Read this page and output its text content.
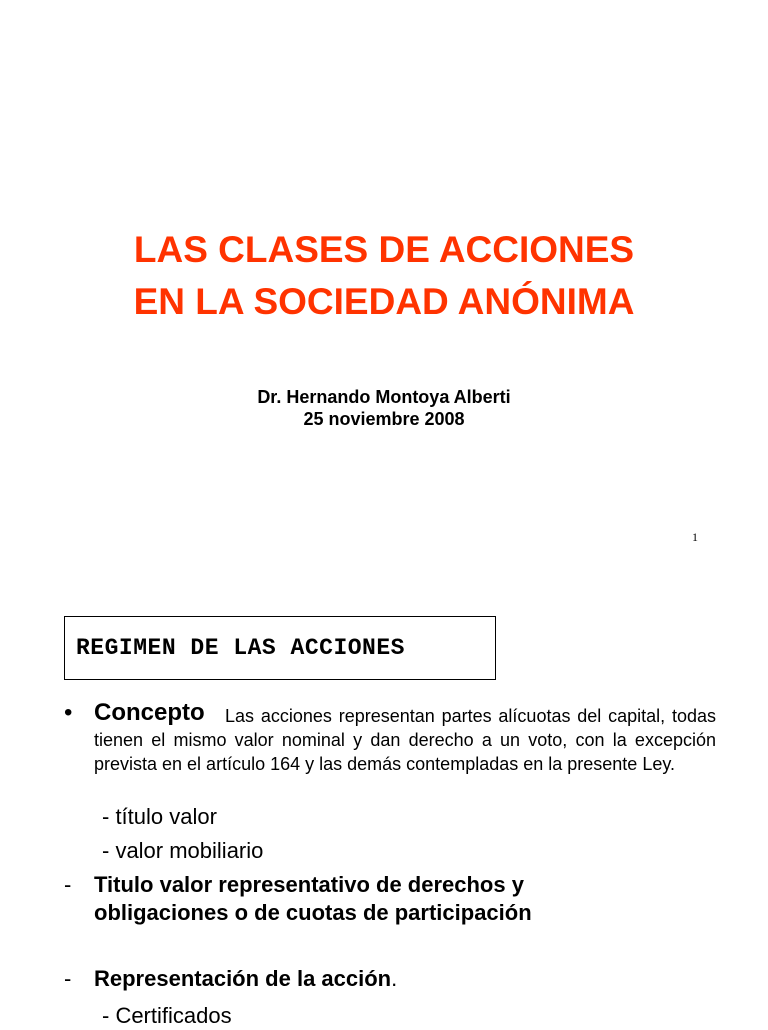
LAS CLASES DE ACCIONES
EN LA SOCIEDAD ANÓNIMA
Dr. Hernando Montoya Alberti
25 noviembre 2008
1
REGIMEN DE LAS ACCIONES
• Concepto	Las acciones representan partes alícuotas del capital, todas tienen el mismo valor nominal y dan derecho a un voto, con la excepción prevista en el artículo 164 y las demás contempladas en la presente Ley.
- título valor
- valor mobiliario
- Titulo valor representativo de derechos y obligaciones o de cuotas de participación
- Representación de la acción.
- Certificados
